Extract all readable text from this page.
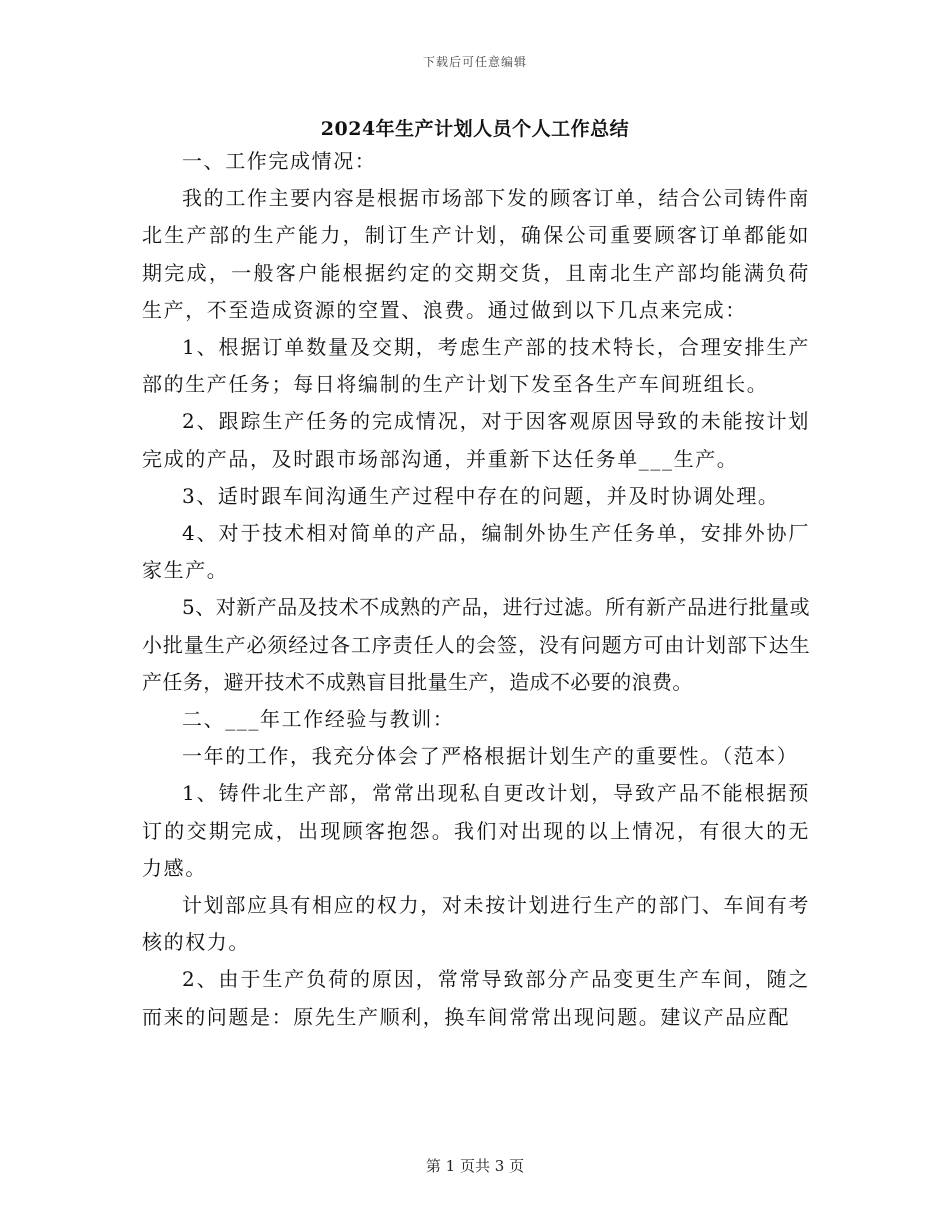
下载后可任意编辑
2024年生产计划人员个人工作总结

一、工作完成情况：

我的工作主要内容是根据市场部下发的顾客订单，结合公司铸件南北生产部的生产能力，制订生产计划，确保公司重要顾客订单都能如期完成，一般客户能根据约定的交期交货，且南北生产部均能满负荷生产，不至造成资源的空置、浪费。通过做到以下几点来完成：

1、根据订单数量及交期，考虑生产部的技术特长，合理安排生产部的生产任务；每日将编制的生产计划下发至各生产车间班组长。

2、跟踪生产任务的完成情况，对于因客观原因导致的未能按计划完成的产品，及时跟市场部沟通，并重新下达任务单___生产。

3、适时跟车间沟通生产过程中存在的问题，并及时协调处理。

4、对于技术相对简单的产品，编制外协生产任务单，安排外协厂家生产。

5、对新产品及技术不成熟的产品，进行过滤。所有新产品进行批量或小批量生产必须经过各工序责任人的会签，没有问题方可由计划部下达生产任务，避开技术不成熟盲目批量生产，造成不必要的浪费。

二、___年工作经验与教训：

一年的工作，我充分体会了严格根据计划生产的重要性。（范本）

1、铸件北生产部，常常出现私自更改计划，导致产品不能根据预订的交期完成，出现顾客抱怨。我们对出现的以上情况，有很大的无力感。

计划部应具有相应的权力，对未按计划进行生产的部门、车间有考核的权力。

2、由于生产负荷的原因，常常导致部分产品变更生产车间，随之而来的问题是：原先生产顺利，换车间常常出现问题。建议产品应配

第 1 页共 3 页
